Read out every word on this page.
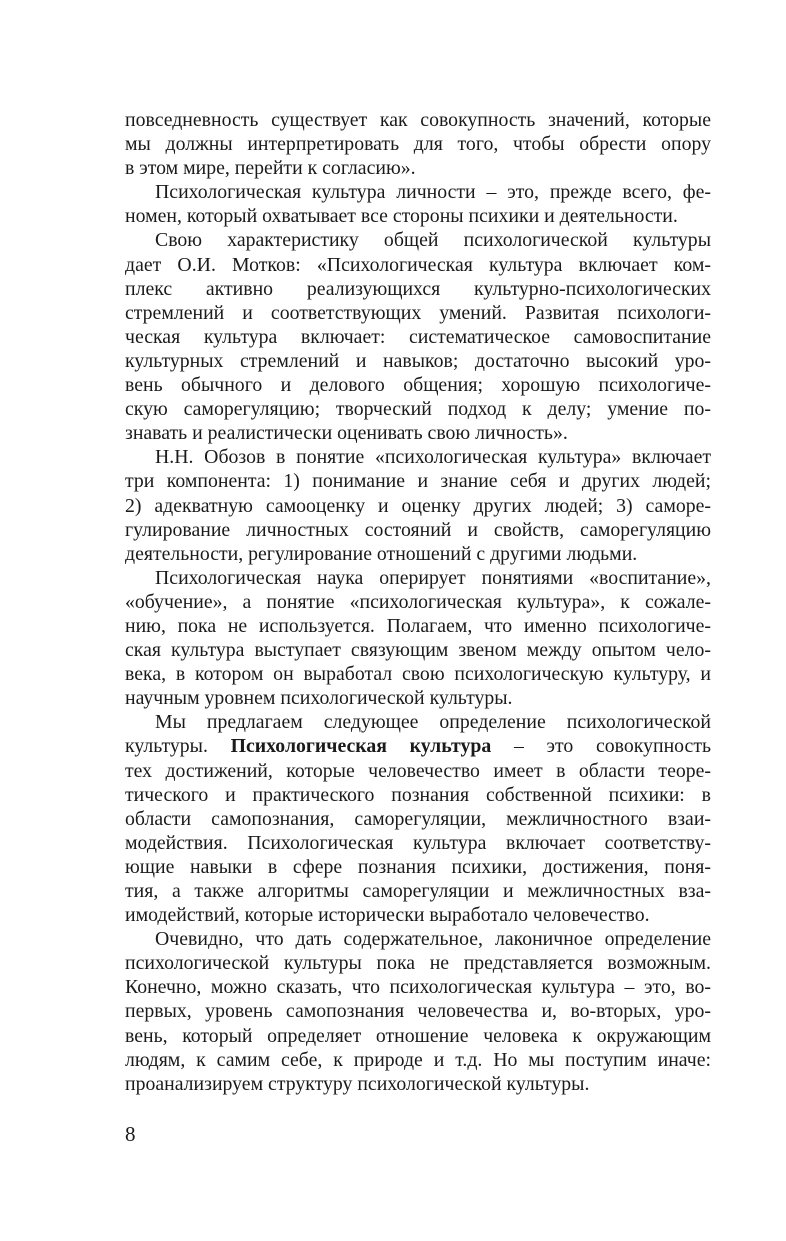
повседневность существует как совокупность значений, которые
мы должны интерпретировать для того, чтобы обрести опору
в этом мире, перейти к согласию».
Психологическая культура личности – это, прежде всего, фе-
номен, который охватывает все стороны психики и деятельности.
Свою характеристику общей психологической культуры
дает О.И. Мотков: «Психологическая культура включает ком-
плекс активно реализующихся культурно-психологических
стремлений и соответствующих умений. Развитая психологи-
ческая культура включает: систематическое самовоспитание
культурных стремлений и навыков; достаточно высокий уро-
вень обычного и делового общения; хорошую психологиче-
скую саморегуляцию; творческий подход к делу; умение по-
знавать и реалистически оценивать свою личность».
Н.Н. Обозов в понятие «психологическая культура» включает
три компонента: 1) понимание и знание себя и других людей;
2) адекватную самооценку и оценку других людей; 3) саморе-
гулирование личностных состояний и свойств, саморегуляцию
деятельности, регулирование отношений с другими людьми.
Психологическая наука оперирует понятиями «воспитание»,
«обучение», а понятие «психологическая культура», к сожале-
нию, пока не используется. Полагаем, что именно психологиче-
ская культура выступает связующим звеном между опытом чело-
века, в котором он выработал свою психологическую культуру, и
научным уровнем психологической культуры.
Мы предлагаем следующее определение психологической
культуры. Психологическая культура – это совокупность
тех достижений, которые человечество имеет в области теоре-
тического и практического познания собственной психики: в
области самопознания, саморегуляции, межличностного взаи-
модействия. Психологическая культура включает соответству-
ющие навыки в сфере познания психики, достижения, поня-
тия, а также алгоритмы саморегуляции и межличностных вза-
имодействий, которые исторически выработало человечество.
Очевидно, что дать содержательное, лаконичное определение
психологической культуры пока не представляется возможным.
Конечно, можно сказать, что психологическая культура – это, во-
первых, уровень самопознания человечества и, во-вторых, уро-
вень, который определяет отношение человека к окружающим
людям, к самим себе, к природе и т.д. Но мы поступим иначе:
проанализируем структуру психологической культуры.
8
